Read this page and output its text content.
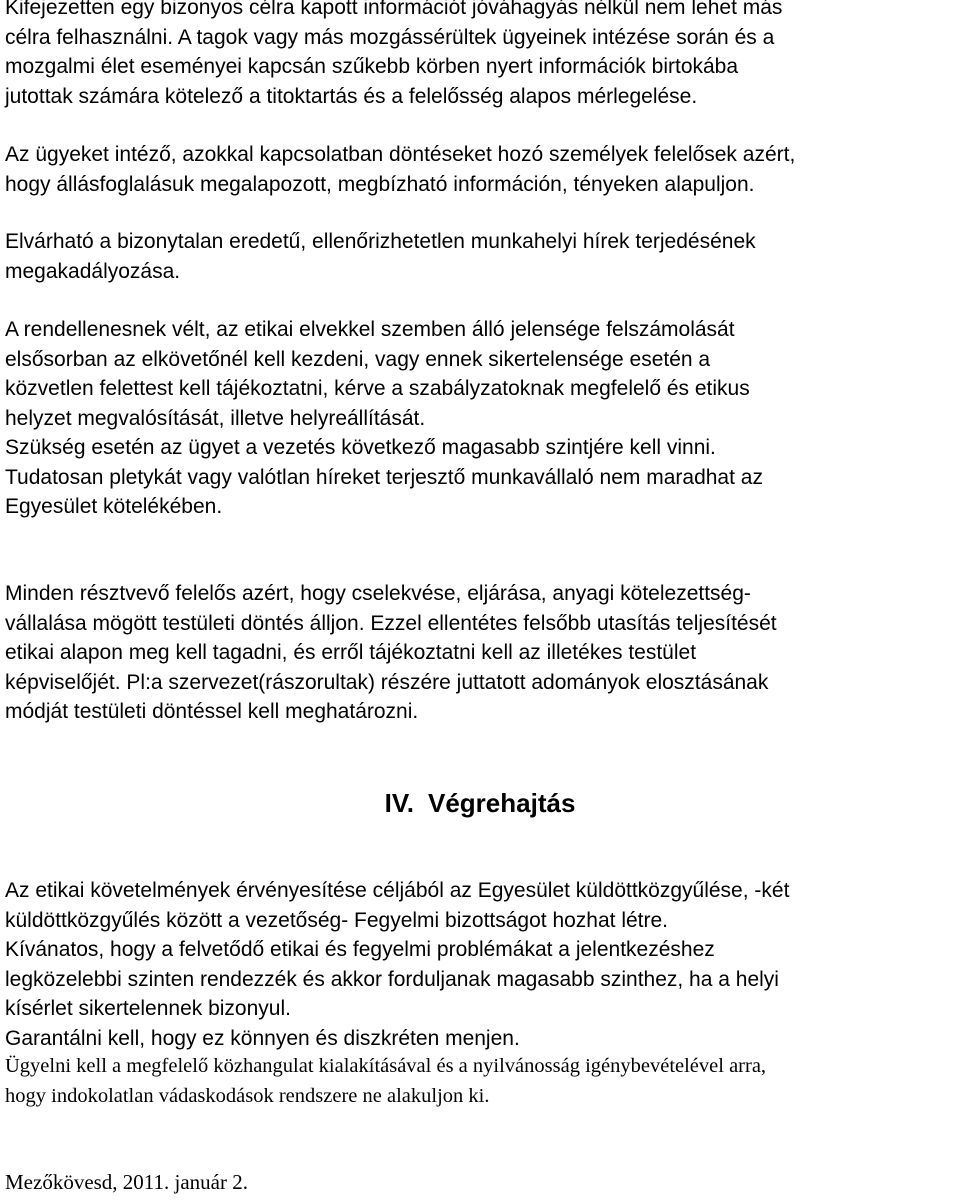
Kifejezetten egy bizonyos célra kapott információt jóváhagyás nélkül nem lehet más
célra felhasználni. A tagok vagy más mozgássérültek ügyeinek intézése során és a
mozgalmi élet eseményei kapcsán szűkebb körben nyert információk birtokába
jutottak számára kötelező a titoktartás és a felelősség alapos mérlegelése.

Az ügyeket intéző, azokkal kapcsolatban döntéseket hozó személyek felelősek azért,
hogy állásfoglalásuk megalapozott, megbízható információn, tényeken alapuljon.

Elvárható a bizonytalan eredetű, ellenőrizhetetlen munkahelyi hírek terjedésének
megakadályozása.

A rendellenesnek vélt, az etikai elvekkel szemben álló jelensége felszámolását
elsősorban az elkövetőnél kell kezdeni, vagy ennek sikertelensége esetén a
közvetlen felettest kell tájékoztatni, kérve a szabályzatoknak megfelelő és etikus
helyzet megvalósítását, illetve helyreállítását.
Szükség esetén az ügyet a vezetés következő magasabb szintjére kell vinni.
Tudatosan pletykát vagy valótlan híreket terjesztő munkavállaló nem maradhat az
Egyesület kötelékében.

Minden résztvevő felelős azért, hogy cselekvése, eljárása, anyagi kötelezettség-
vállalása mögött testületi döntés álljon. Ezzel ellentétes felsőbb utasítás teljesítését
etikai alapon meg kell tagadni, és erről tájékoztatni kell az illetékes testület
képviselőjét. Pl:a szervezet(rászorultak) részére juttatott adományok elosztásának
módját testületi döntéssel kell meghatározni.

IV. Végrehajtás

Az etikai követelmények érvényesítése céljából az Egyesület küldöttközgyűlése, -két
küldöttközgyűlés között a vezetőség- Fegyelmi bizottságot hozhat létre.
Kívánatos, hogy a felvetődő etikai és fegyelmi problémákat a jelentkezéshez
legközelebbi szinten rendezzék és akkor forduljanak magasabb szinthez, ha a helyi
kísérlet sikertelennek bizonyul.
Garantálni kell, hogy ez könnyen és diszkréten menjen.

Ügyelni kell a megfelelő közhangulat kialakításával és a nyilvánosság igénybevételével arra,
hogy indokolatlan vádaskodások rendszere ne alakuljon ki.

Mezőkövesd, 2011. január 2.
